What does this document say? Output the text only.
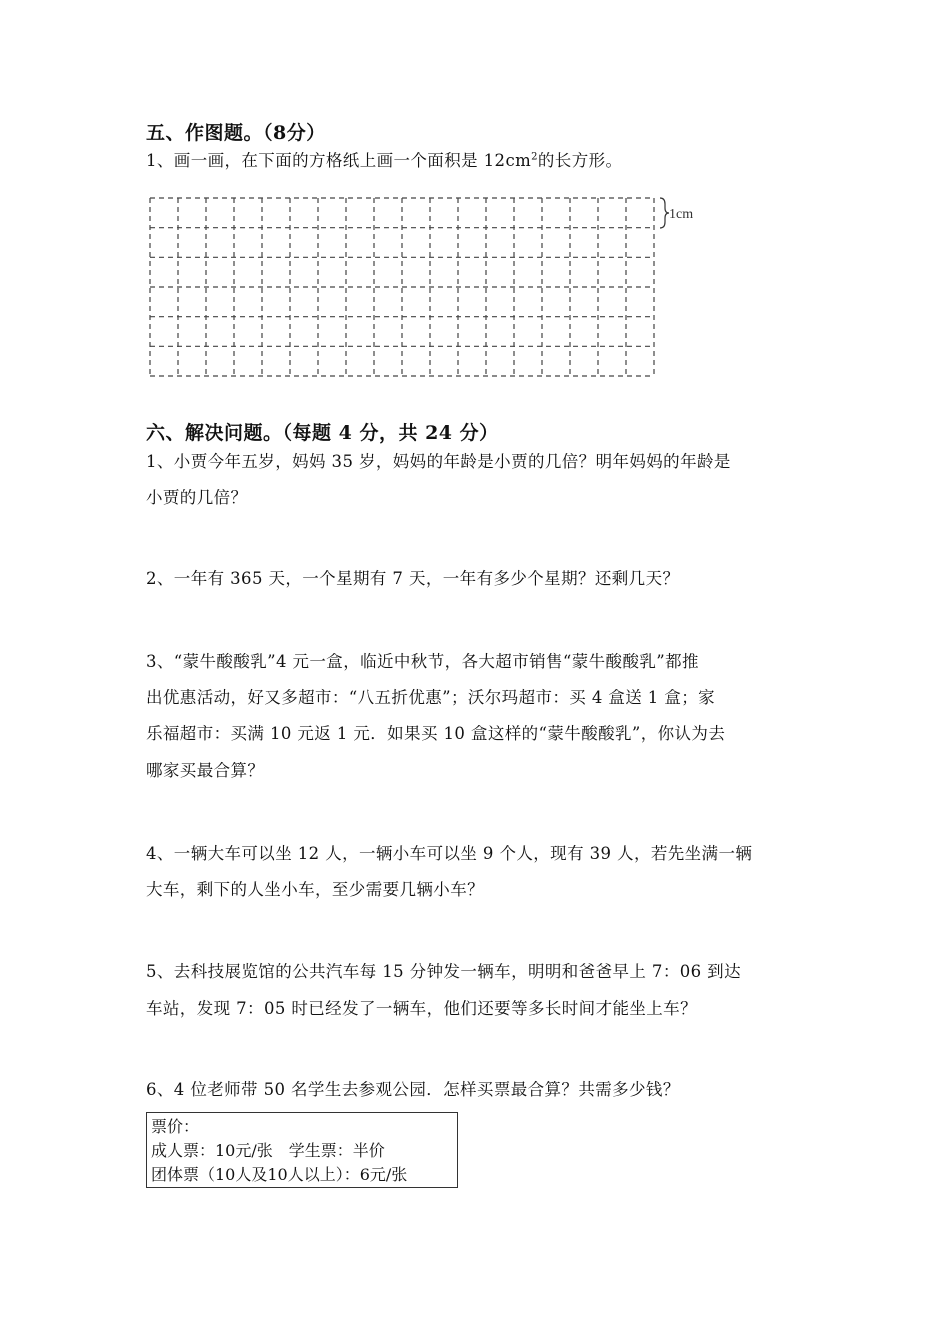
五、作图题。（8分）
1、画一画，在下面的方格纸上画一个面积是 $12cm^2$的长方形。
1cm
六、解决问题。（每题 4 分，共 24 分）
1、小贾今年五岁，妈妈 35 岁，妈妈的年龄是小贾的几倍？明年妈妈的年龄是
小贾的几倍？
2、一年有 365 天，一个星期有 7 天，一年有多少个星期？还剩几天？
3、“蒙牛酸酸乳”4 元一盒，临近中秋节，各大超市销售“蒙牛酸酸乳”都推
出优惠活动，好又多超市：“八五折优惠”；沃尔玛超市：买 4 盒送 1 盒；家
乐福超市：买满 10 元返 1 元．如果买 10 盒这样的“蒙牛酸酸乳”，你认为去
哪家买最合算？
4、一辆大车可以坐 12 人，一辆小车可以坐 9 个人，现有 39 人，若先坐满一辆
大车，剩下的人坐小车，至少需要几辆小车？
5、去科技展览馆的公共汽车每 15 分钟发一辆车，明明和爸爸早上 7：06 到达
车站，发现 7：05 时已经发了一辆车，他们还要等多长时间才能坐上车？
6、4 位老师带 50 名学生去参观公园．怎样买票最合算？共需多少钱？
票价：
成人票：10元/张　学生票：半价
团体票（10人及10人以上）：6元/张
